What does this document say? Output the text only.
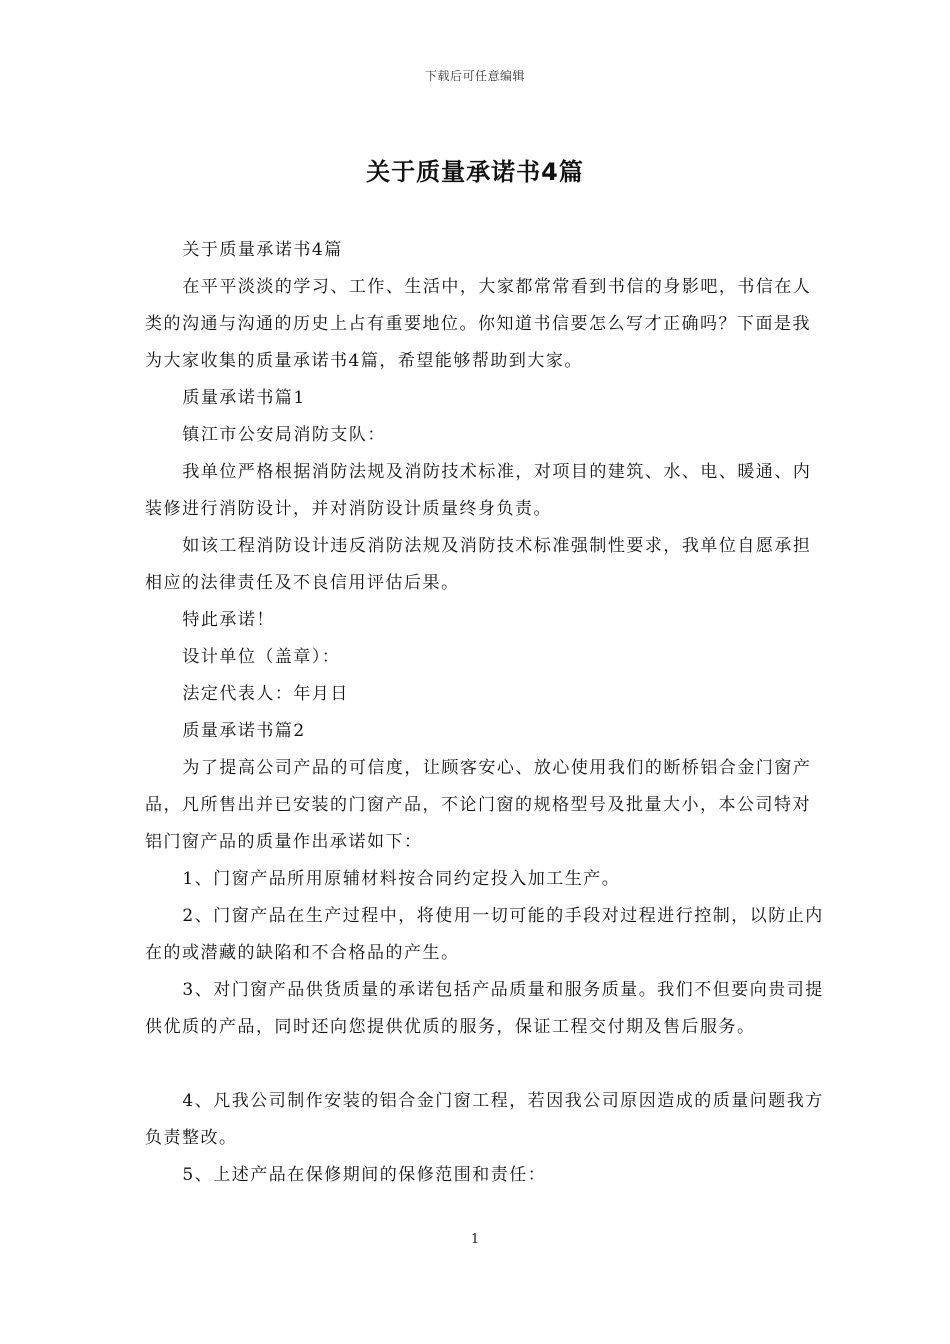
下载后可任意编辑
关于质量承诺书4篇

关于质量承诺书4篇

在平平淡淡的学习、工作、生活中，大家都常常看到书信的身影吧，书信在人类的沟通与沟通的历史上占有重要地位。你知道书信要怎么写才正确吗？下面是我为大家收集的质量承诺书4篇，希望能够帮助到大家。

质量承诺书篇1

镇江市公安局消防支队：

我单位严格根据消防法规及消防技术标准，对项目的建筑、水、电、暖通、内装修进行消防设计，并对消防设计质量终身负责。

如该工程消防设计违反消防法规及消防技术标准强制性要求，我单位自愿承担相应的法律责任及不良信用评估后果。

特此承诺！

设计单位（盖章）：

法定代表人：年月日

质量承诺书篇2

为了提高公司产品的可信度，让顾客安心、放心使用我们的断桥铝合金门窗产品，凡所售出并已安装的门窗产品，不论门窗的规格型号及批量大小，本公司特对铝门窗产品的质量作出承诺如下：

1、门窗产品所用原辅材料按合同约定投入加工生产。

2、门窗产品在生产过程中，将使用一切可能的手段对过程进行控制，以防止内在的或潜藏的缺陷和不合格品的产生。

3、对门窗产品供货质量的承诺包括产品质量和服务质量。我们不但要向贵司提供优质的产品，同时还向您提供优质的服务，保证工程交付期及售后服务。

4、凡我公司制作安装的铝合金门窗工程，若因我公司原因造成的质量问题我方负责整改。

5、上述产品在保修期间的保修范围和责任：

1
